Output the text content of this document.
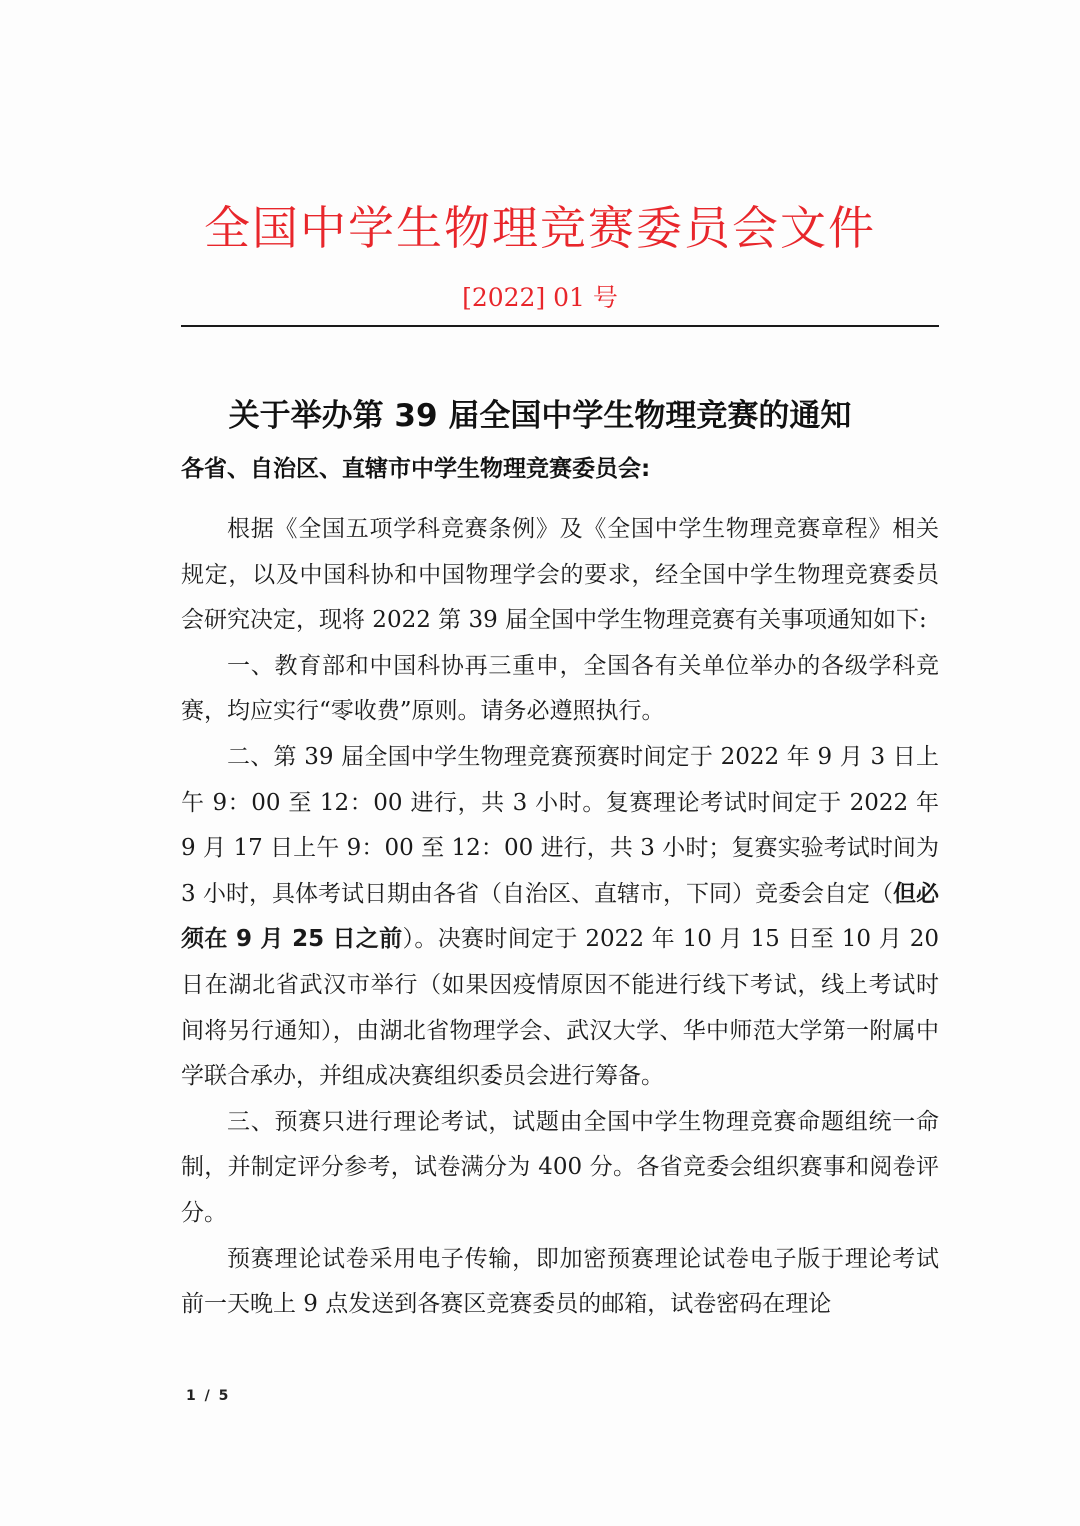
全国中学生物理竞赛委员会文件
[2022] 01 号
关于举办第 39 届全国中学生物理竞赛的通知
各省、自治区、直辖市中学生物理竞赛委员会:

根据《全国五项学科竞赛条例》及《全国中学生物理竞赛章程》相关规定，以及中国科协和中国物理学会的要求，经全国中学生物理竞赛委员会研究决定，现将 2022 第 39 届全国中学生物理竞赛有关事项通知如下:

一、教育部和中国科协再三重申，全国各有关单位举办的各级学科竞赛，均应实行“零收费”原则。请务必遵照执行。

二、第 39 届全国中学生物理竞赛预赛时间定于 2022 年 9 月 3 日上午 9：00 至 12：00 进行，共 3 小时。复赛理论考试时间定于 2022 年 9 月 17 日上午 9：00 至 12：00 进行，共 3 小时；复赛实验考试时间为 3 小时，具体考试日期由各省（自治区、直辖市，下同）竞委会自定（但必须在 9 月 25 日之前）。决赛时间定于 2022 年 10 月 15 日至 10 月 20 日在湖北省武汉市举行（如果因疫情原因不能进行线下考试，线上考试时间将另行通知），由湖北省物理学会、武汉大学、华中师范大学第一附属中学联合承办，并组成决赛组织委员会进行筹备。

三、预赛只进行理论考试，试题由全国中学生物理竞赛命题组统一命制，并制定评分参考，试卷满分为 400 分。各省竞委会组织赛事和阅卷评分。

预赛理论试卷采用电子传输，即加密预赛理论试卷电子版于理论考试前一天晚上 9 点发送到各赛区竞赛委员的邮箱，试卷密码在理论

1 / 5
